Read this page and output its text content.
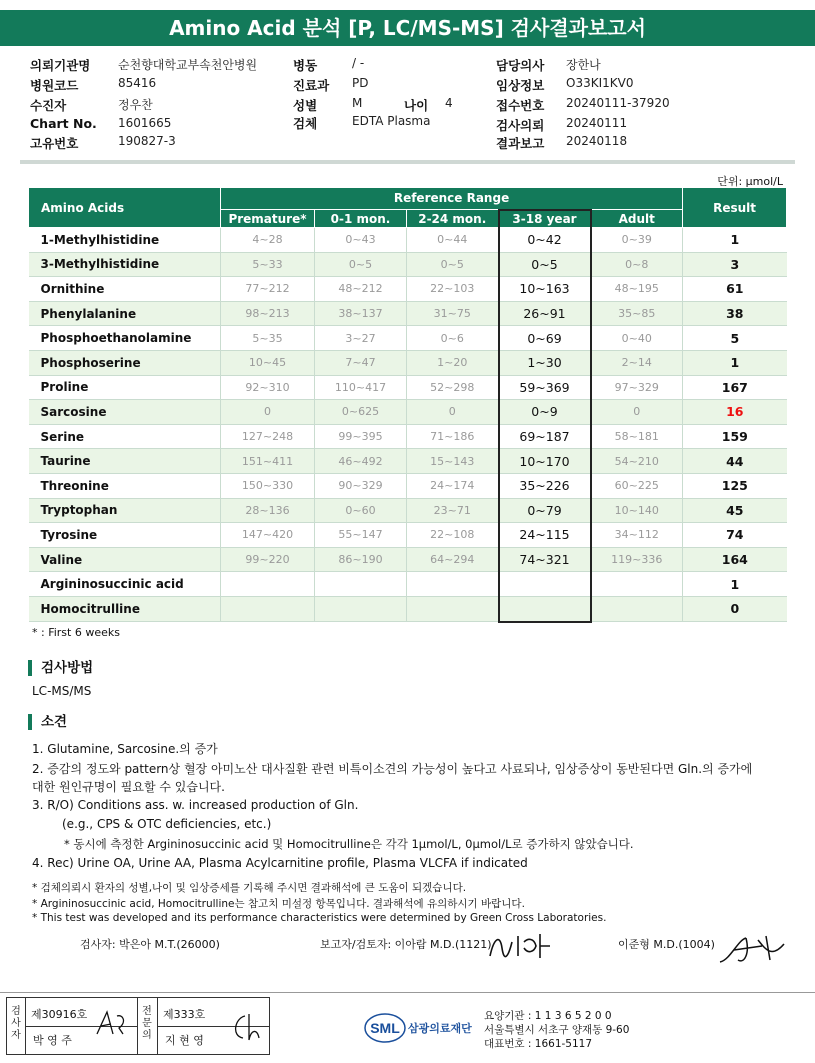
Amino Acid 분석 [P, LC/MS-MS] 검사결과보고서
의뢰기관명 순천향대학교부속천안병원
병원코드	85416
수진자	정우찬
Chart No. 1601665
고유번호	190827-3
병동	/ -
진료과 PD
성별	M	나이 4
검체	EDTA Plasma
담당의사 장한나
임상정보 O33KI1KV0
접수번호 20240111-37920
검사의뢰 20240111
결과보고 20240118
단위: μmol/L
Amino Acids	Reference Range					Result
	Premature*	0-1 mon.	2-24 mon.	3-18 year	Adult	
1-Methylhistidine	4~28	0~43	0~44	0~42	0~39	1
3-Methylhistidine	5~33	0~5	0~5	0~5	0~8	3
Ornithine	77~212	48~212	22~103	10~163	48~195	61
Phenylalanine	98~213	38~137	31~75	26~91	35~85	38
Phosphoethanolamine	5~35	3~27	0~6	0~69	0~40	5
Phosphoserine	10~45	7~47	1~20	1~30	2~14	1
Proline	92~310	110~417	52~298	59~369	97~329	167
Sarcosine	0	0~625	0	0~9	0	16
Serine	127~248	99~395	71~186	69~187	58~181	159
Taurine	151~411	46~492	15~143	10~170	54~210	44
Threonine	150~330	90~329	24~174	35~226	60~225	125
Tryptophan	28~136	0~60	23~71	0~79	10~140	45
Tyrosine	147~420	55~147	22~108	24~115	34~112	74
Valine	99~220	86~190	64~294	74~321	119~336	164
Argininosuccinic acid						1
Homocitrulline						0
* : First 6 weeks
검사방법
LC-MS/MS
소견
1. Glutamine, Sarcosine.의 증가
2. 증감의 정도와 pattern상 혈장 아미노산 대사질환 관련 비특이소견의 가능성이 높다고 사료되나, 임상증상이 동반된다면 Gln.의 증가에
대한 원인규명이 필요할 수 있습니다.
3. R/O) Conditions ass. w. increased production of Gln.
(e.g., CPS & OTC deficiencies, etc.)
* 동시에 측정한 Argininosuccinic acid 및 Homocitrulline은 각각 1μmol/L, 0μmol/L로 증가하지 않았습니다.
4. Rec) Urine OA, Urine AA, Plasma Acylcarnitine profile, Plasma VLCFA if indicated
* 검체의뢰시 환자의 성별,나이 및 임상증세를 기록해 주시면 결과해석에 큰 도움이 되겠습니다.
* Argininosuccinic acid, Homocitrulline는 참고치 미설정 항목입니다. 결과해석에 유의하시기 바랍니다.
* This test was developed and its performance characteristics were determined by Green Cross Laboratories.
검사자: 박은아 M.T.(26000)	보고자/검토자: 이아람 M.D.(1121)	이준형 M.D.(1004)
검
사
자
전
문
의
제30916호
박 영 주
제333호
지 현 영
SML 삼광의료재단
요양기관 : 1 1 3 6 5 2 0 0
서울특별시 서초구 양재동 9-60
대표번호 : 1661-5117
